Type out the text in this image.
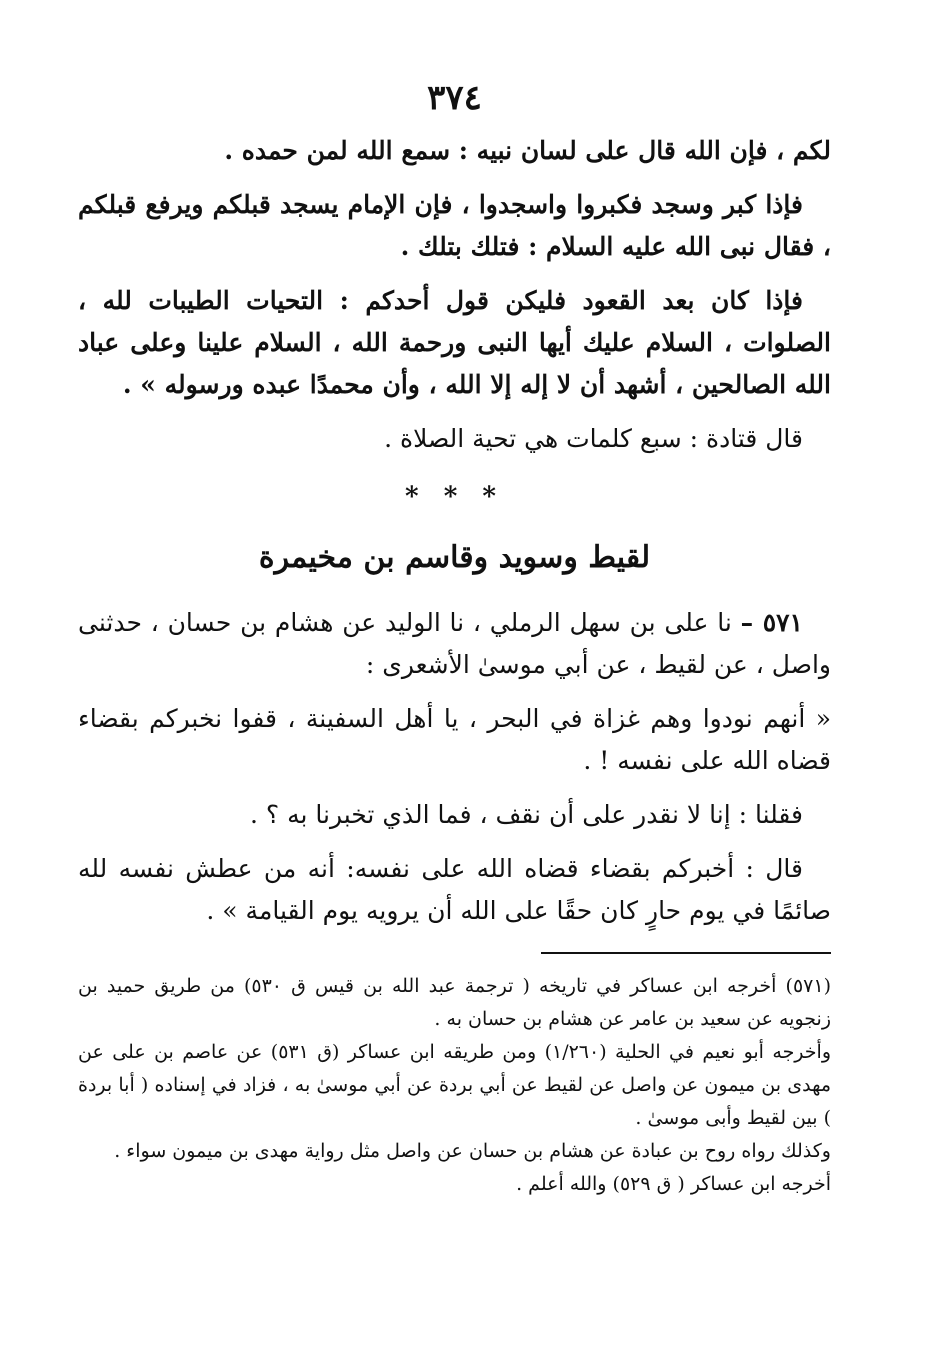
٣٧٤

لكم ، فإن الله قال على لسان نبيه : سمع الله لمن حمده .

فإذا كبر وسجد فكبروا واسجدوا ، فإن الإمام يسجد قبلكم ويرفع قبلكم ، فقال نبى الله عليه السلام : فتلك بتلك .

فإذا كان بعد القعود فليكن قول أحدكم : التحيات الطيبات لله ، الصلوات ، السلام عليك أيها النبى ورحمة الله ، السلام علينا وعلى عباد الله الصالحين ، أشهد أن لا إله إلا الله ، وأن محمدًا عبده ورسوله » .

قال قتادة : سبع كلمات هي تحية الصلاة .

* * *
لقيط وسويد وقاسم بن مخيمرة

٥٧١ – نا على بن سهل الرملي ، نا الوليد عن هشام بن حسان ، حدثنى واصل ، عن لقيط ، عن أبي موسىٰ الأشعرى :

« أنهم نودوا وهم غزاة في البحر ، يا أهل السفينة ، قفوا نخبركم بقضاء قضاه الله على نفسه ! .

فقلنا : إنا لا نقدر على أن نقف ، فما الذي تخبرنا به ؟ .

قال : أخبركم بقضاء قضاه الله على نفسه: أنه من عطش نفسه لله صائمًا في يوم حارٍ كان حقًا على الله أن يرويه يوم القيامة » .

(٥٧١) أخرجه ابن عساكر في تاريخه ( ترجمة عبد الله بن قيس ق ٥٣٠) من طريق حميد بن زنجويه عن سعيد بن عامر عن هشام بن حسان به .

وأخرجه أبو نعيم في الحلية (١/٢٦٠) ومن طريقه ابن عساكر (ق ٥٣١) عن عاصم بن على عن مهدى بن ميمون عن واصل عن لقيط عن أبي بردة عن أبي موسىٰ به ، فزاد في إسناده ( أبا بردة ) بين لقيط وأبى موسىٰ .

وكذلك رواه روح بن عبادة عن هشام بن حسان عن واصل مثل رواية مهدى بن ميمون سواء .

أخرجه ابن عساكر ( ق ٥٢٩) والله أعلم .
